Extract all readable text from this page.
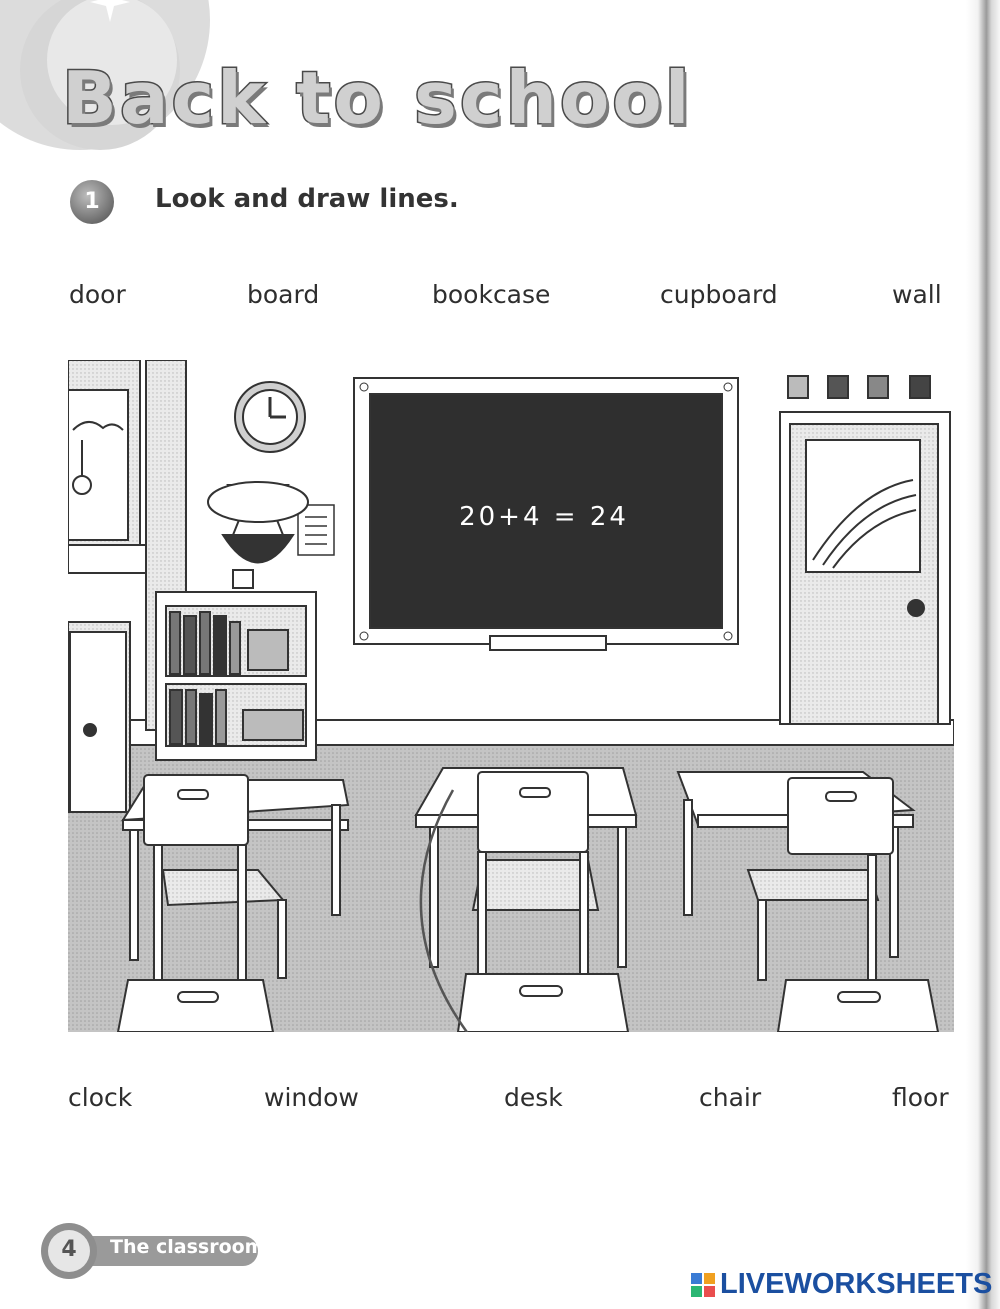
Back to school
1	Look and draw lines.
door	board	bookcase	cupboard	wall
20+4 = 24
clock	window	desk	chair	floor
4	The classroom
LIVEWORKSHEETS
